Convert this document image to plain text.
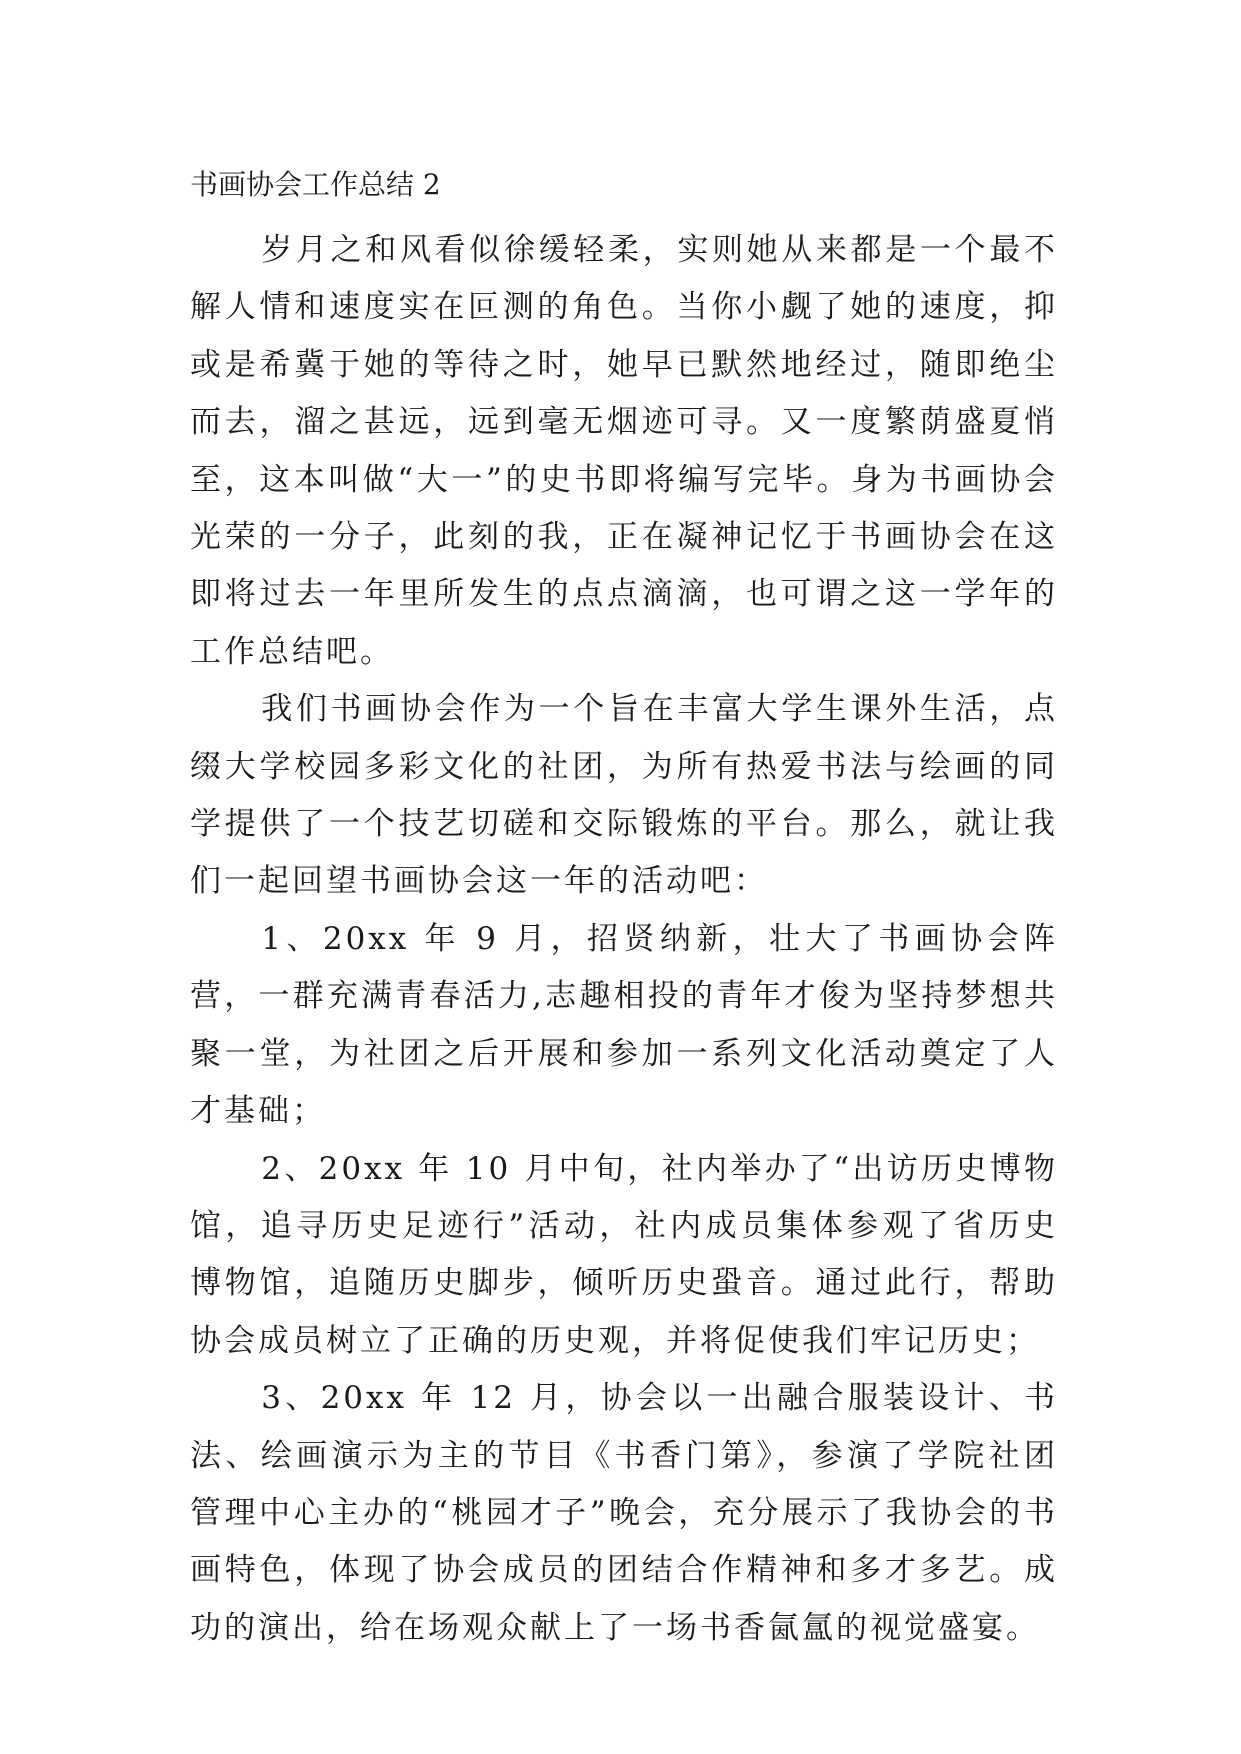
书画协会工作总结 2

岁月之和风看似徐缓轻柔，实则她从来都是一个最不解人情和速度实在叵测的角色。当你小觑了她的速度，抑或是希冀于她的等待之时，她早已默然地经过，随即绝尘而去，溜之甚远，远到毫无烟迹可寻。又一度繁荫盛夏悄至，这本叫做“大一”的史书即将编写完毕。身为书画协会光荣的一分子，此刻的我，正在凝神记忆于书画协会在这即将过去一年里所发生的点点滴滴，也可谓之这一学年的工作总结吧。

我们书画协会作为一个旨在丰富大学生课外生活，点缀大学校园多彩文化的社团，为所有热爱书法与绘画的同学提供了一个技艺切磋和交际锻炼的平台。那么，就让我们一起回望书画协会这一年的活动吧：

1、20xx 年 9 月，招贤纳新，壮大了书画协会阵营，一群充满青春活力,志趣相投的青年才俊为坚持梦想共聚一堂，为社团之后开展和参加一系列文化活动奠定了人才基础；

2、20xx 年 10 月中旬，社内举办了“出访历史博物馆，追寻历史足迹行”活动，社内成员集体参观了省历史博物馆，追随历史脚步，倾听历史蛩音。通过此行，帮助协会成员树立了正确的历史观，并将促使我们牢记历史；

3、20xx 年 12 月，协会以一出融合服装设计、书法、绘画演示为主的节目《书香门第》，参演了学院社团管理中心主办的“桃园才子”晚会，充分展示了我协会的书画特色，体现了协会成员的团结合作精神和多才多艺。成功的演出，给在场观众献上了一场书香氤氲的视觉盛宴。
